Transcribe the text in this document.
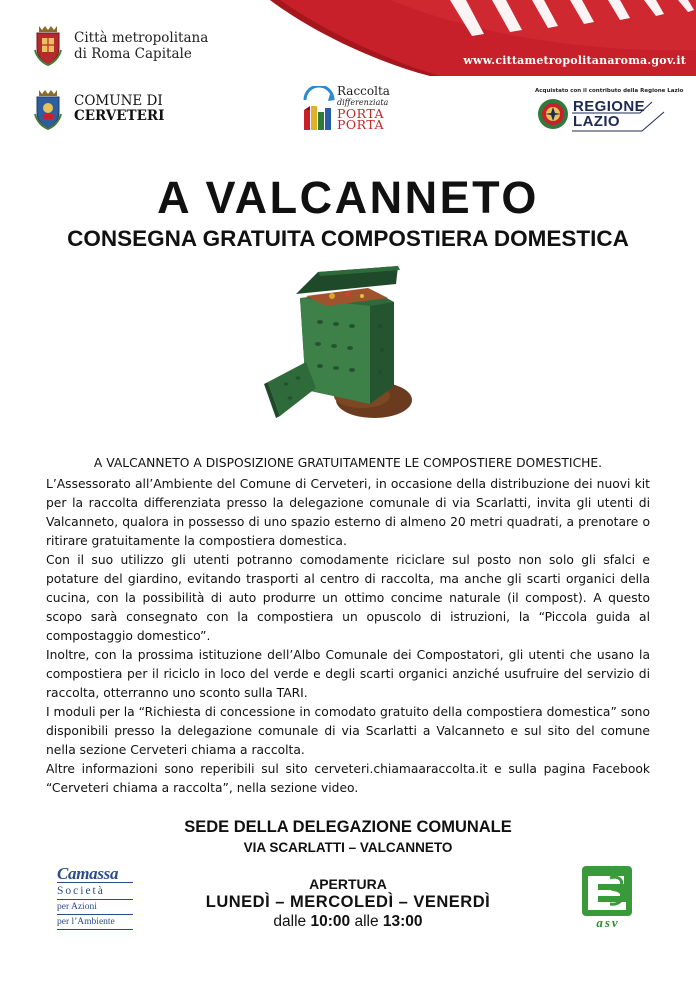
www.cittametropolitanaroma.gov.it
Città metropolitana
di Roma Capitale
COMUNE DI
CERVETERI
Raccolta
differenziata
PORTA
PORTA
Acquistato con il contributo della Regione Lazio
REGIONE
LAZIO
A VALCANNETO
CONSEGNA GRATUITA COMPOSTIERA DOMESTICA
A VALCANNETO A DISPOSIZIONE GRATUITAMENTE LE COMPOSTIERE DOMESTICHE.

L’Assessorato all’Ambiente del Comune di Cerveteri, in occasione della distribuzione dei nuovi kit per la raccolta differenziata presso la delegazione comunale di via Scarlatti, invita gli utenti di Valcanneto, qualora in possesso di uno spazio esterno di almeno 20 metri quadrati, a prenotare o ritirare gratuitamente la compostiera domestica.

Con il suo utilizzo gli utenti potranno comodamente riciclare sul posto non solo gli sfalci e potature del giardino, evitando trasporti al centro di raccolta, ma anche gli scarti organici della cucina, con la possibilità di auto produrre un ottimo concime naturale (il compost). A questo scopo sarà consegnato con la compostiera un opuscolo di istruzioni, la “Piccola guida al compostaggio domestico”.

Inoltre, con la prossima istituzione dell’Albo Comunale dei Compostatori, gli utenti che usano la compostiera per il riciclo in loco del verde e degli scarti organici anziché usufruire del servizio di raccolta, otterranno uno sconto sulla TARI.

I moduli per la “Richiesta di concessione in comodato gratuito della compostiera domestica” sono disponibili presso la delegazione comunale di via Scarlatti a Valcanneto e sul sito del comune nella sezione Cerveteri chiama a raccolta.

Altre informazioni sono reperibili sul sito cerveteri.chiamaaraccolta.it e sulla pagina Facebook “Cerveteri chiama a raccolta”, nella sezione video.

SEDE DELLA DELEGAZIONE COMUNALE
VIA SCARLATTI – VALCANNETO
APERTURA
LUNEDÌ – MERCOLEDÌ – VENERDÌ
dalle 10:00 alle 13:00
Camassa
Società
per Azioni
per l’Ambiente	asv
